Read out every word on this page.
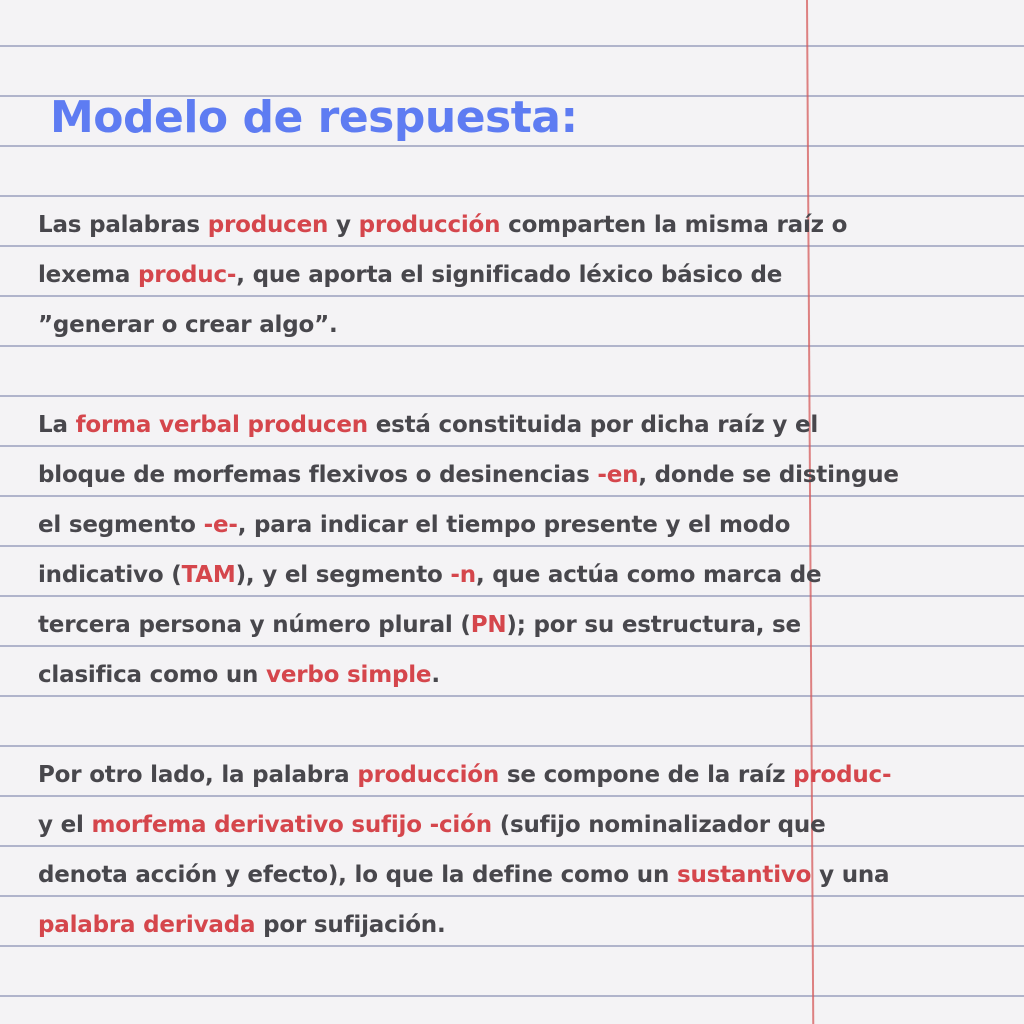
Modelo de respuesta:

Las palabras producen y producción comparten la misma raíz o
lexema produc-, que aporta el significado léxico básico de
”generar o crear algo”.

La forma verbal producen está constituida por dicha raíz y el
bloque de morfemas flexivos o desinencias -en, donde se distingue
el segmento -e-, para indicar el tiempo presente y el modo
indicativo (TAM), y el segmento -n, que actúa como marca de
tercera persona y número plural (PN); por su estructura, se
clasifica como un verbo simple.

Por otro lado, la palabra producción se compone de la raíz produc-
y el morfema derivativo sufijo -ción (sufijo nominalizador que
denota acción y efecto), lo que la define como un sustantivo y una
palabra derivada por sufijación.
